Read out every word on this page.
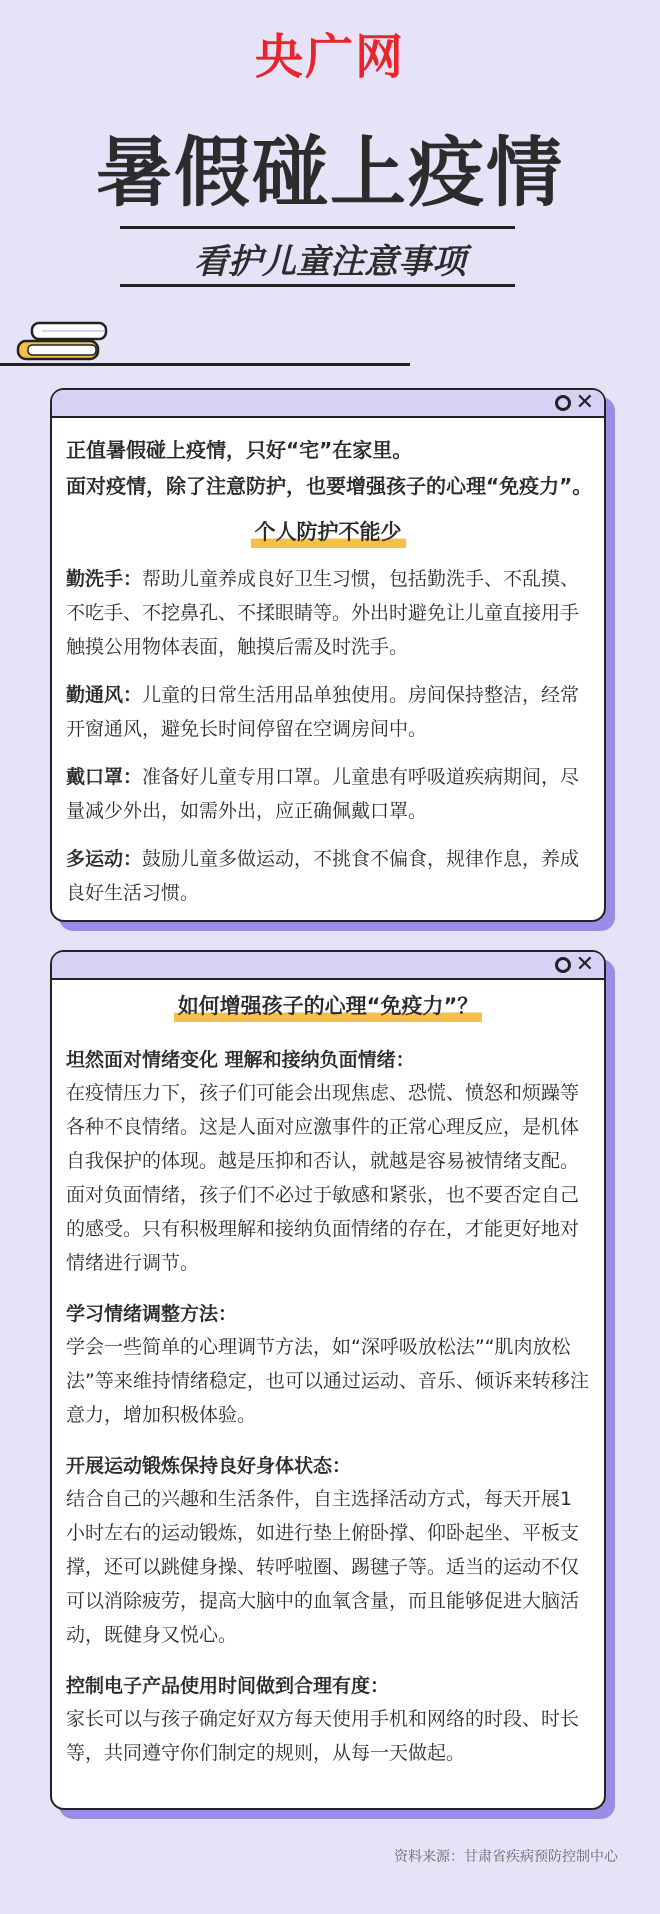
央广网
暑假碰上疫情
看护儿童注意事项
✕
正值暑假碰上疫情，只好“宅”在家里。
面对疫情，除了注意防护，也要增强孩子的心理“免疫力”。
个人防护不能少

勤洗手：帮助儿童养成良好卫生习惯，包括勤洗手、不乱摸、不吃手、不挖鼻孔、不揉眼睛等。外出时避免让儿童直接用手触摸公用物体表面，触摸后需及时洗手。

勤通风：儿童的日常生活用品单独使用。房间保持整洁，经常开窗通风，避免长时间停留在空调房间中。

戴口罩：准备好儿童专用口罩。儿童患有呼吸道疾病期间，尽量减少外出，如需外出，应正确佩戴口罩。

多运动：鼓励儿童多做运动，不挑食不偏食，规律作息，养成良好生活习惯。

✕
如何增强孩子的心理“免疫力”？
坦然面对情绪变化 理解和接纳负面情绪：
在疫情压力下，孩子们可能会出现焦虑、恐慌、愤怒和烦躁等各种不良情绪。这是人面对应激事件的正常心理反应，是机体自我保护的体现。越是压抑和否认，就越是容易被情绪支配。面对负面情绪，孩子们不必过于敏感和紧张，也不要否定自己的感受。只有积极理解和接纳负面情绪的存在，才能更好地对情绪进行调节。
学习情绪调整方法：
学会一些简单的心理调节方法，如“深呼吸放松法”“肌肉放松法”等来维持情绪稳定，也可以通过运动、音乐、倾诉来转移注意力，增加积极体验。
开展运动锻炼保持良好身体状态：
结合自己的兴趣和生活条件，自主选择活动方式，每天开展1小时左右的运动锻炼，如进行垫上俯卧撑、仰卧起坐、平板支撑，还可以跳健身操、转呼啦圈、踢毽子等。适当的运动不仅可以消除疲劳，提高大脑中的血氧含量，而且能够促进大脑活动，既健身又悦心。
控制电子产品使用时间做到合理有度：
家长可以与孩子确定好双方每天使用手机和网络的时段、时长等，共同遵守你们制定的规则，从每一天做起。
资料来源：甘肃省疾病预防控制中心
